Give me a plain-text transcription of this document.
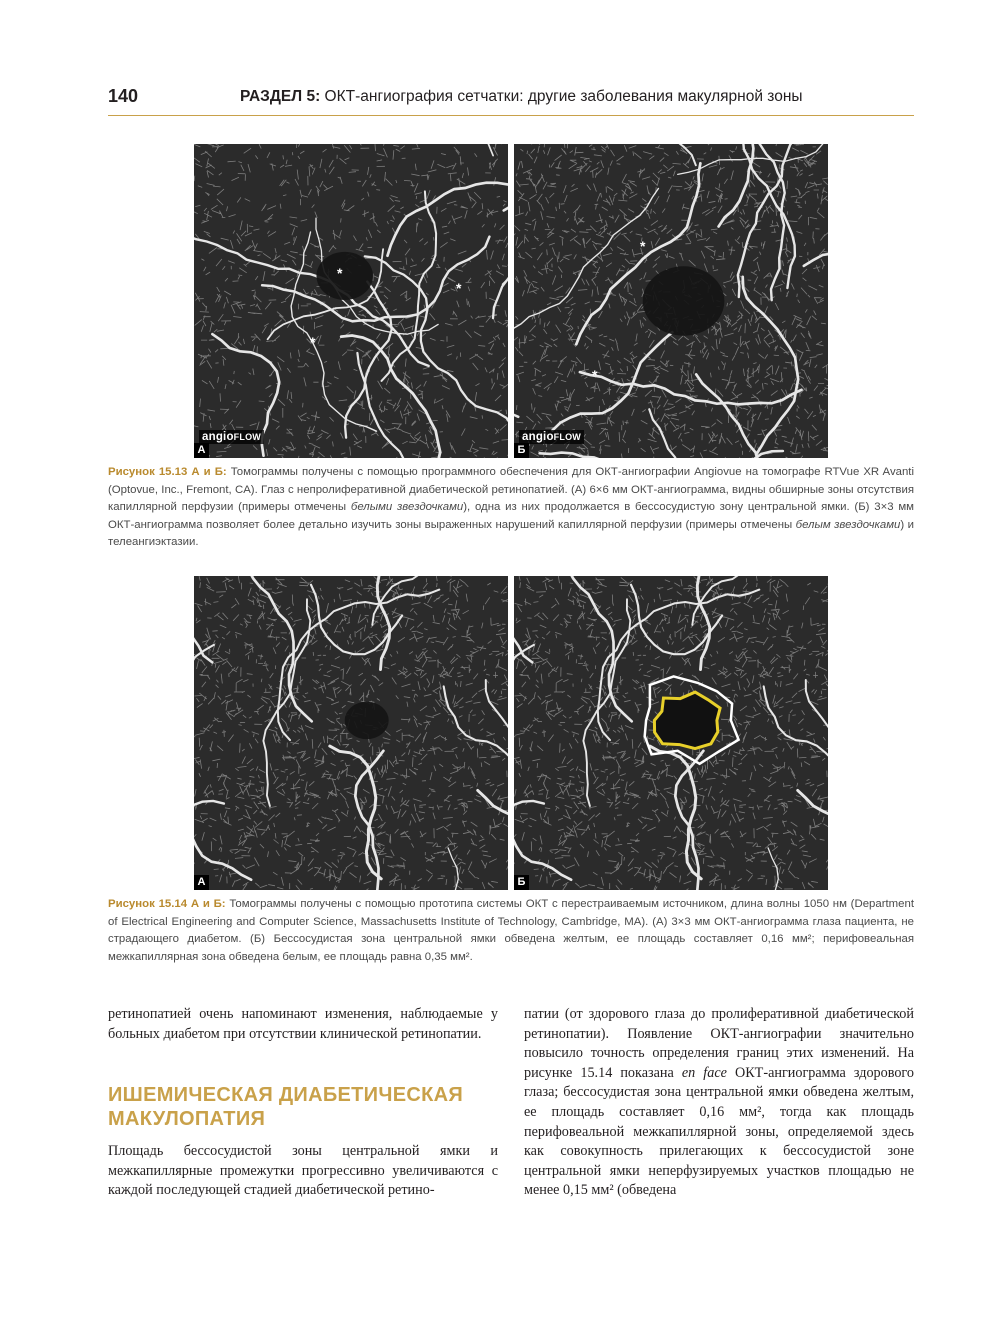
140	РАЗДЕЛ 5: ОКТ-ангиография сетчатки: другие заболевания макулярной зоны
*
*
*
angioFLOW
А
*
*
angioFLOW
Б
Рисунок 15.13 А и Б: Томограммы получены с помощью программного обеспечения для ОКТ-ангиографии Angiovue на томографе RTVue XR Avanti (Optovue, Inc., Fremont, CA). Глаз с непролиферативной диабетической ретинопатией. (А) 6×6 мм ОКТ-ангиограмма, видны обширные зоны отсутствия капиллярной перфузии (примеры отмечены белыми звездочками), одна из них продолжается в бессосудистую зону центральной ямки. (Б) 3×3 мм ОКТ-ангиограмма позволяет более детально изучить зоны выраженных нарушений капиллярной перфузии (примеры отмечены белым звездочками) и телеангиэктазии.
А	Б
Рисунок 15.14 А и Б: Томограммы получены с помощью прототипа системы ОКТ с перестраиваемым источником, длина волны 1050 нм (Department of Electrical Engineering and Computer Science, Massachusetts Institute of Technology, Cambridge, MA). (А) 3×3 мм ОКТ-ангиограмма глаза пациента, не страдающего диабетом. (Б) Бессосудистая зона центральной ямки обведена желтым, ее площадь составляет 0,16 мм²; перифовеальная межкапиллярная зона обведена белым, ее площадь равна 0,35 мм².

ретинопатией очень напоминают изменения, наблюдаемые у больных диабетом при отсутствии клинической ретинопатии.

ИШЕМИЧЕСКАЯ ДИАБЕТИЧЕСКАЯ МАКУЛОПАТИЯ

Площадь бессосудистой зоны центральной ямки и межкапиллярные промежутки прогрессивно увеличиваются с каждой последующей стадией диабетической ретино-

патии (от здорового глаза до пролиферативной диабетической ретинопатии). Появление ОКТ-ангиографии значительно повысило точность определения границ этих изменений. На рисунке 15.14 показана en face ОКТ-ангиограмма здорового глаза; бессосудистая зона центральной ямки обведена желтым, ее площадь составляет 0,16 мм², тогда как площадь перифовеальной межкапиллярной зоны, определяемой здесь как совокупность прилегающих к бессосудистой зоне центральной ямки неперфузируемых участков площадью не менее 0,15 мм² (обведена
